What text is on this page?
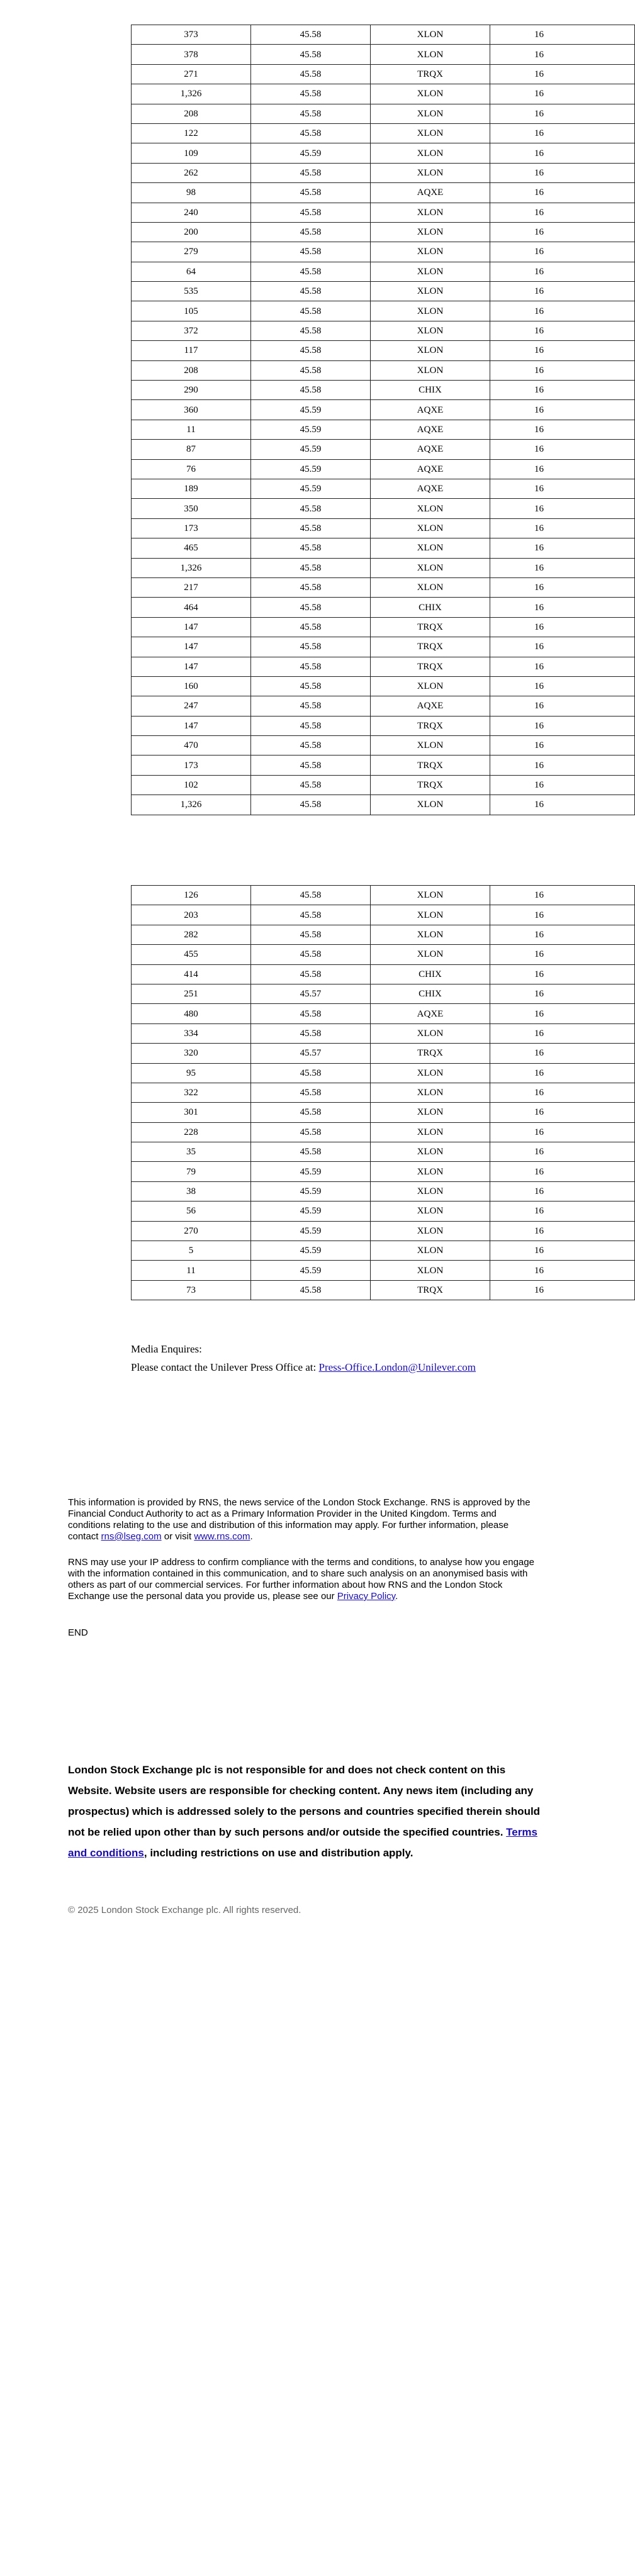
373	45.58	XLON	16
378	45.58	XLON	16
271	45.58	TRQX	16
1,326	45.58	XLON	16
208	45.58	XLON	16
122	45.58	XLON	16
109	45.59	XLON	16
262	45.58	XLON	16
98	45.58	AQXE	16
240	45.58	XLON	16
200	45.58	XLON	16
279	45.58	XLON	16
64	45.58	XLON	16
535	45.58	XLON	16
105	45.58	XLON	16
372	45.58	XLON	16
117	45.58	XLON	16
208	45.58	XLON	16
290	45.58	CHIX	16
360	45.59	AQXE	16
11	45.59	AQXE	16
87	45.59	AQXE	16
76	45.59	AQXE	16
189	45.59	AQXE	16
350	45.58	XLON	16
173	45.58	XLON	16
465	45.58	XLON	16
1,326	45.58	XLON	16
217	45.58	XLON	16
464	45.58	CHIX	16
147	45.58	TRQX	16
147	45.58	TRQX	16
147	45.58	TRQX	16
160	45.58	XLON	16
247	45.58	AQXE	16
147	45.58	TRQX	16
470	45.58	XLON	16
173	45.58	TRQX	16
102	45.58	TRQX	16
1,326	45.58	XLON	16
126	45.58	XLON	16
203	45.58	XLON	16
282	45.58	XLON	16
455	45.58	XLON	16
414	45.58	CHIX	16
251	45.57	CHIX	16
480	45.58	AQXE	16
334	45.58	XLON	16
320	45.57	TRQX	16
95	45.58	XLON	16
322	45.58	XLON	16
301	45.58	XLON	16
228	45.58	XLON	16
35	45.58	XLON	16
79	45.59	XLON	16
38	45.59	XLON	16
56	45.59	XLON	16
270	45.59	XLON	16
5	45.59	XLON	16
11	45.59	XLON	16
73	45.58	TRQX	16
Media Enquires:
Please contact the Unilever Press Office at: Press-Office.London@Unilever.com
This information is provided by RNS, the news service of the London Stock Exchange. RNS is approved by the Financial Conduct Authority to act as a Primary Information Provider in the United Kingdom. Terms and conditions relating to the use and distribution of this information may apply. For further information, please contact rns@lseg.com or visit www.rns.com.
RNS may use your IP address to confirm compliance with the terms and conditions, to analyse how you engage with the information contained in this communication, and to share such analysis on an anonymised basis with others as part of our commercial services. For further information about how RNS and the London Stock Exchange use the personal data you provide us, please see our Privacy Policy.
END
London Stock Exchange plc is not responsible for and does not check content on this Website. Website users are responsible for checking content. Any news item (including any prospectus) which is addressed solely to the persons and countries specified therein should not be relied upon other than by such persons and/or outside the specified countries. Terms and conditions, including restrictions on use and distribution apply.
© 2025 London Stock Exchange plc. All rights reserved.
